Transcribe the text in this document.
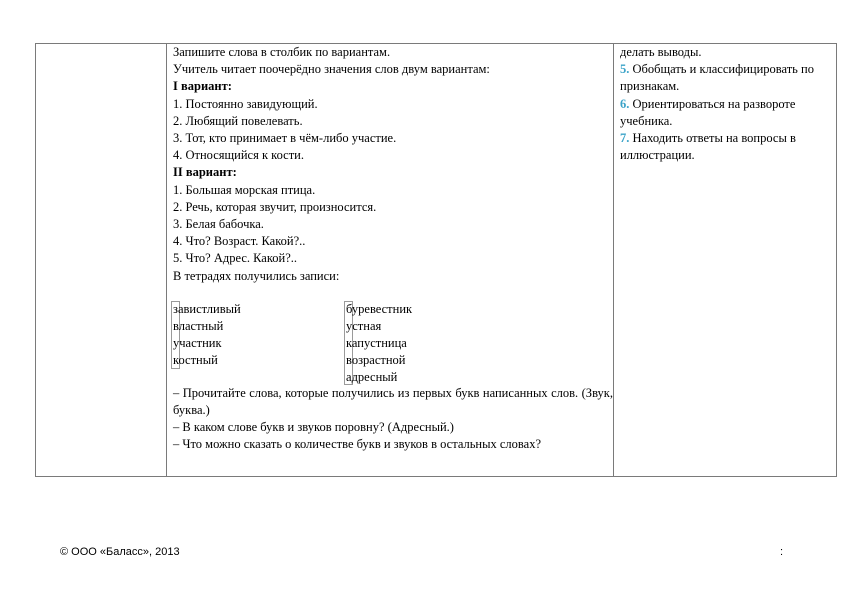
Запишите слова в столбик по вариантам.
Учитель читает поочерёдно значения слов двум вариантам:
I вариант:
1. Постоянно завидующий.
2. Любящий повелевать.
3. Тот, кто принимает в чём-либо участие.
4. Относящийся к кости.
II вариант:
1. Большая морская птица.
2. Речь, которая звучит, произносится.
3. Белая бабочка.
4. Что? Возраст. Какой?..
5. Что? Адрес. Какой?..
В тетрадях получились записи:
завистливый
властный
участник
костный
буревестник
устная
капустница
возрастной
адресный
– Прочитайте слова, которые получились из первых букв написанных слов. (Звук, буква.)
– В каком слове букв и звуков поровну? (Адресный.)
– Что можно сказать о количестве букв и звуков в остальных словах?
делать выводы.
5. Обобщать и классифицировать по признакам.
6. Ориентироваться на развороте учебника.
7. Находить ответы на вопросы в иллюстрации.
© ООО «Баласс», 2013	:
